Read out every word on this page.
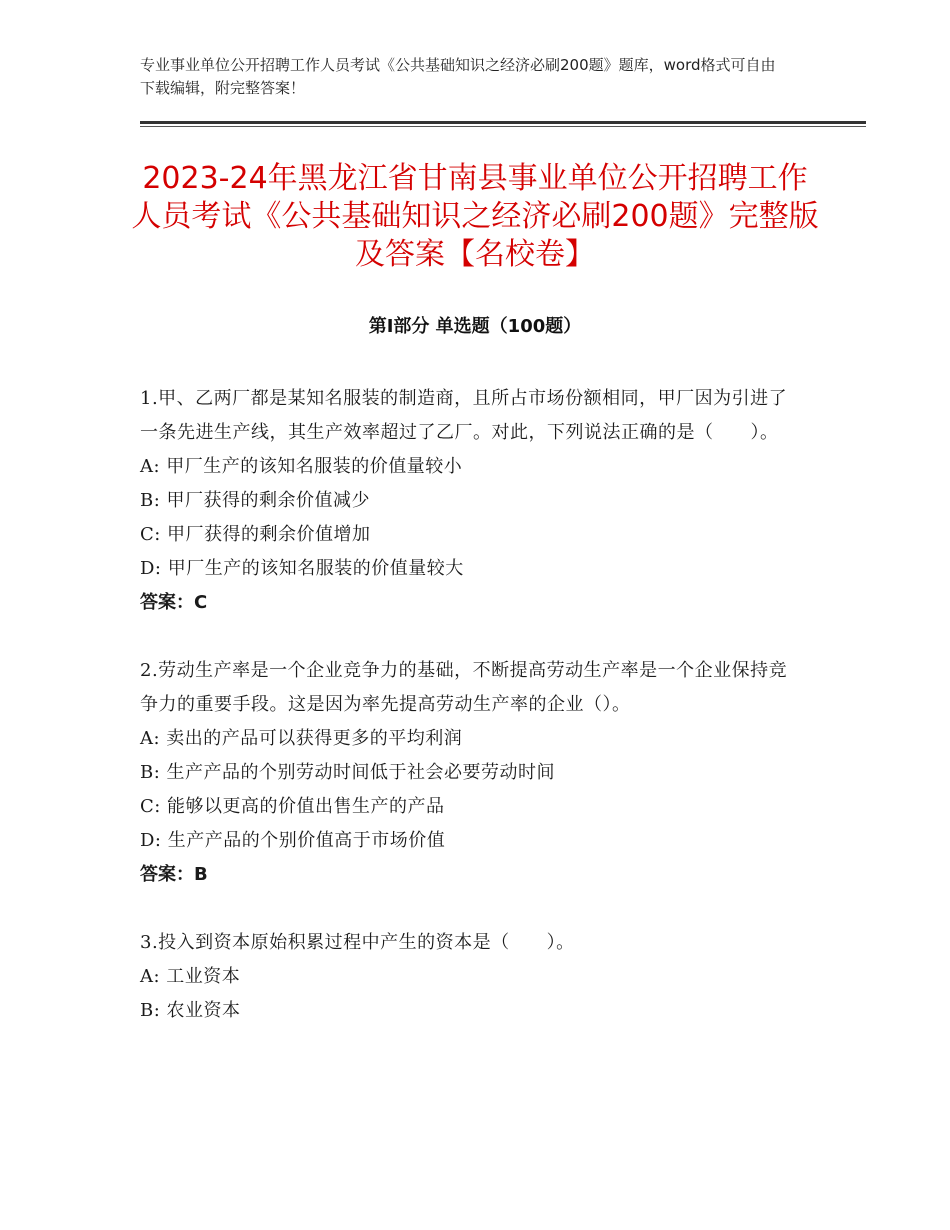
专业事业单位公开招聘工作人员考试《公共基础知识之经济必刷200题》题库，word格式可自由下载编辑，附完整答案！
2023-24年黑龙江省甘南县事业单位公开招聘工作人员考试《公共基础知识之经济必刷200题》完整版及答案【名校卷】
第Ⅰ部分 单选题（100题）

1.甲、乙两厂都是某知名服装的制造商，且所占市场份额相同，甲厂因为引进了一条先进生产线，其生产效率超过了乙厂。对此，下列说法正确的是（　　）。

A: 甲厂生产的该知名服装的价值量较小

B: 甲厂获得的剩余价值减少

C: 甲厂获得的剩余价值增加

D: 甲厂生产的该知名服装的价值量较大

答案：C

2.劳动生产率是一个企业竞争力的基础，不断提高劳动生产率是一个企业保持竞争力的重要手段。这是因为率先提高劳动生产率的企业（）。

A: 卖出的产品可以获得更多的平均利润

B: 生产产品的个别劳动时间低于社会必要劳动时间

C: 能够以更高的价值出售生产的产品

D: 生产产品的个别价值高于市场价值

答案：B

3.投入到资本原始积累过程中产生的资本是（　　）。

A: 工业资本

B: 农业资本
